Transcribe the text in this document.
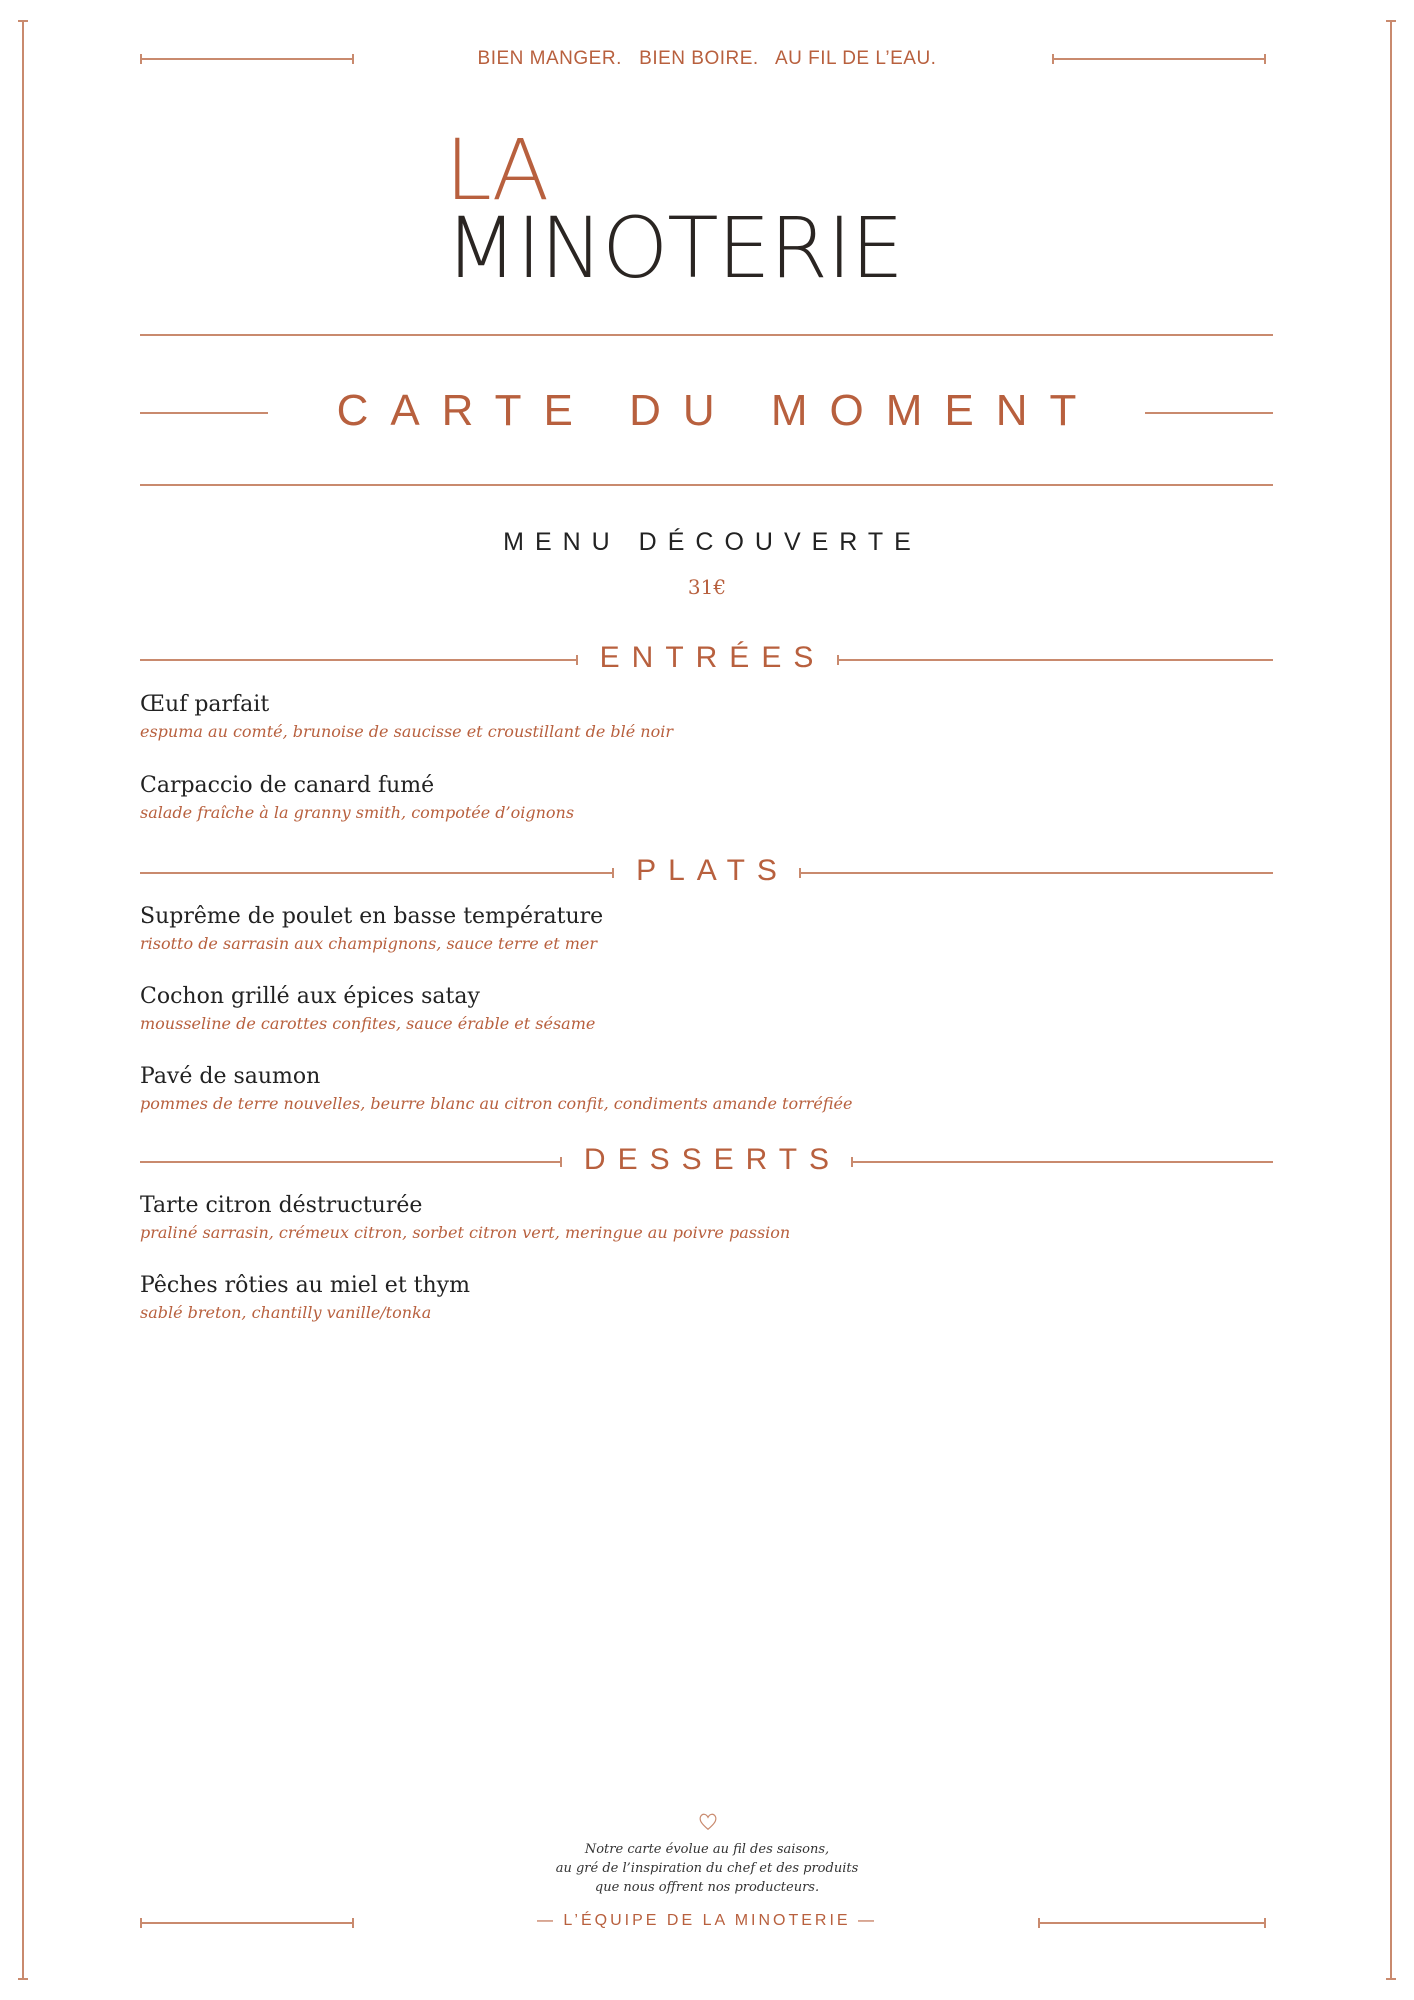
BIEN MANGER.   BIEN BOIRE.   AU FIL DE L’EAU.
LA
MINOTERIE
CARTE DU MOMENT
MENU DÉCOUVERTE
31€
ENTRÉES
Œuf parfait
espuma au comté, brunoise de saucisse et croustillant de blé noir
Carpaccio de canard fumé
salade fraîche à la granny smith, compotée d’oignons
PLATS
Suprême de poulet en basse température
risotto de sarrasin aux champignons, sauce terre et mer
Cochon grillé aux épices satay
mousseline de carottes confites, sauce érable et sésame
Pavé de saumon
pommes de terre nouvelles, beurre blanc au citron confit, condiments amande torréfiée
DESSERTS
Tarte citron déstructurée
praliné sarrasin, crémeux citron, sorbet citron vert, meringue au poivre passion
Pêches rôties au miel et thym
sablé breton, chantilly vanille/tonka
Notre carte évolue au fil des saisons,
au gré de l’inspiration du chef et des produits
que nous offrent nos producteurs.
— L’ÉQUIPE DE LA MINOTERIE —
